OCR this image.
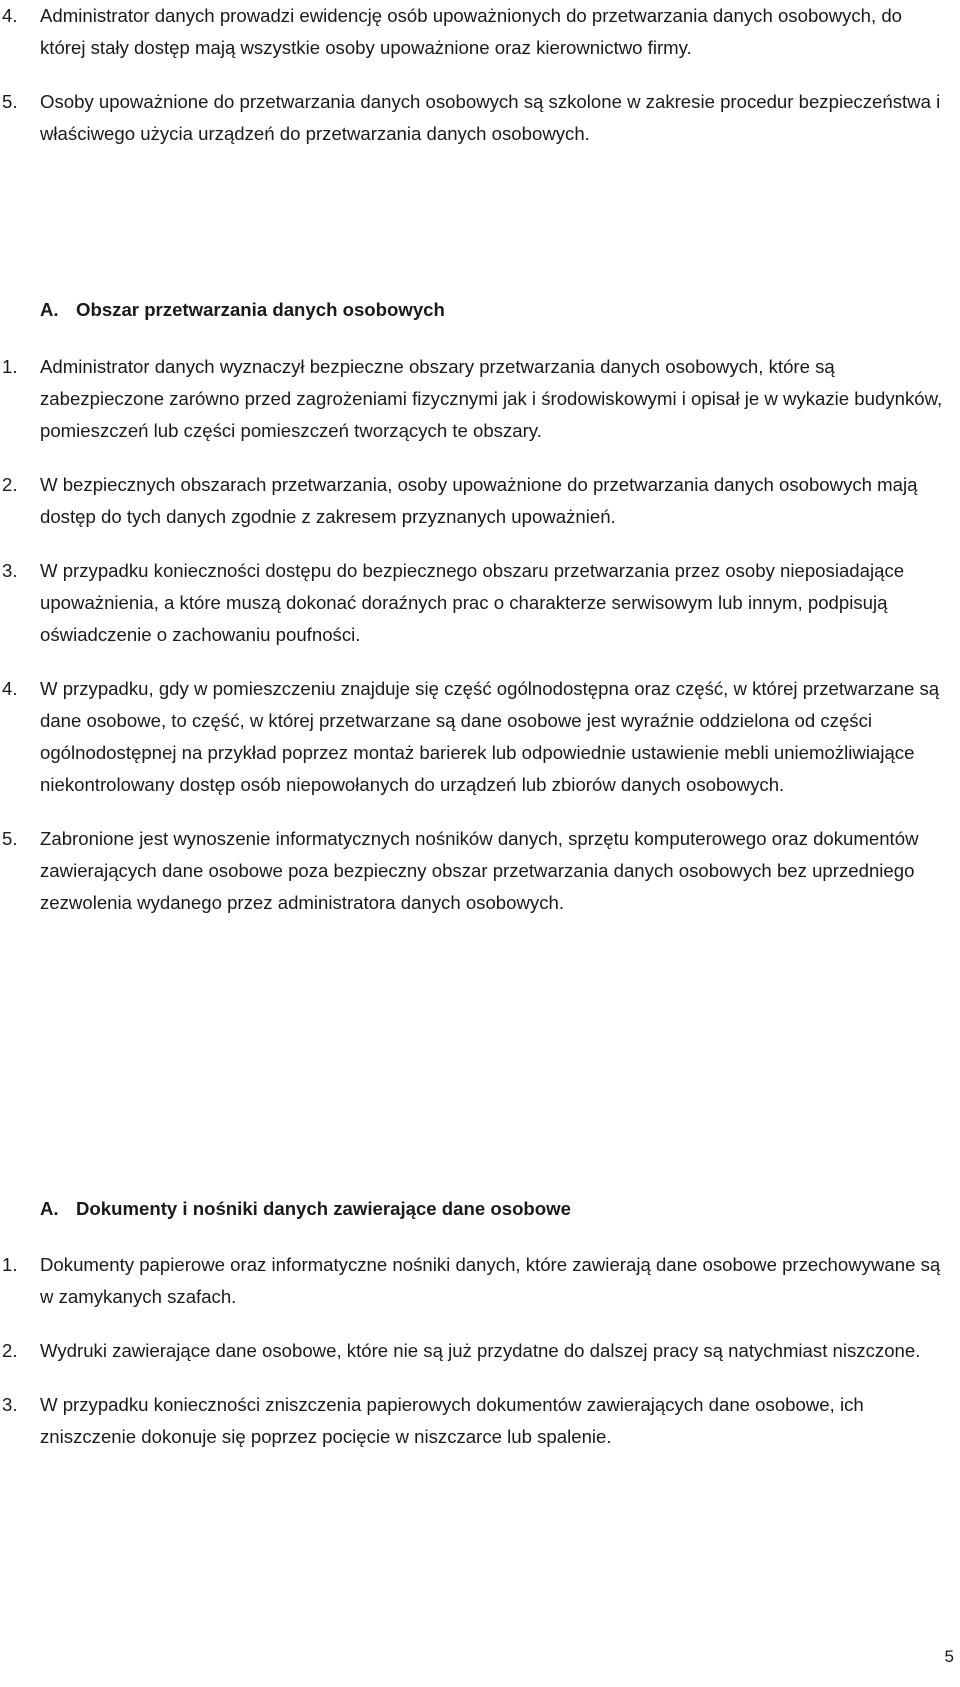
4. Administrator danych prowadzi ewidencję osób upoważnionych do przetwarzania danych osobowych, do której stały dostęp mają wszystkie osoby upoważnione oraz kierownictwo firmy.
5. Osoby upoważnione do przetwarzania danych osobowych są szkolone w zakresie procedur bezpieczeństwa i właściwego użycia urządzeń do przetwarzania danych osobowych.
A. Obszar przetwarzania danych osobowych
1. Administrator danych wyznaczył bezpieczne obszary przetwarzania danych osobowych, które są zabezpieczone zarówno przed zagrożeniami fizycznymi jak i środowiskowymi i opisał je w wykazie budynków, pomieszczeń lub części pomieszczeń tworzących te obszary.
2. W bezpiecznych obszarach przetwarzania, osoby upoważnione do przetwarzania danych osobowych mają dostęp do tych danych zgodnie z zakresem przyznanych upoważnień.
3. W przypadku konieczności dostępu do bezpiecznego obszaru przetwarzania przez osoby nieposiadające upoważnienia, a które muszą dokonać doraźnych prac o charakterze serwisowym lub innym, podpisują oświadczenie o zachowaniu poufności.
4. W przypadku, gdy w pomieszczeniu znajduje się część ogólnodostępna oraz część, w której przetwarzane są dane osobowe, to część, w której przetwarzane są dane osobowe jest wyraźnie oddzielona od części ogólnodostępnej na przykład poprzez montaż barierek lub odpowiednie ustawienie mebli uniemożliwiające niekontrolowany dostęp osób niepowołanych do urządzeń lub zbiorów danych osobowych.
5. Zabronione jest wynoszenie informatycznych nośników danych, sprzętu komputerowego oraz dokumentów zawierających dane osobowe poza bezpieczny obszar przetwarzania danych osobowych bez uprzedniego zezwolenia wydanego przez administratora danych osobowych.
A. Dokumenty i nośniki danych zawierające dane osobowe
1. Dokumenty papierowe oraz informatyczne nośniki danych, które zawierają dane osobowe przechowywane są w zamykanych szafach.
2. Wydruki zawierające dane osobowe, które nie są już przydatne do dalszej pracy są natychmiast niszczone.
3. W przypadku konieczności zniszczenia papierowych dokumentów zawierających dane osobowe, ich zniszczenie dokonuje się poprzez pocięcie w niszczarce lub spalenie.
5
